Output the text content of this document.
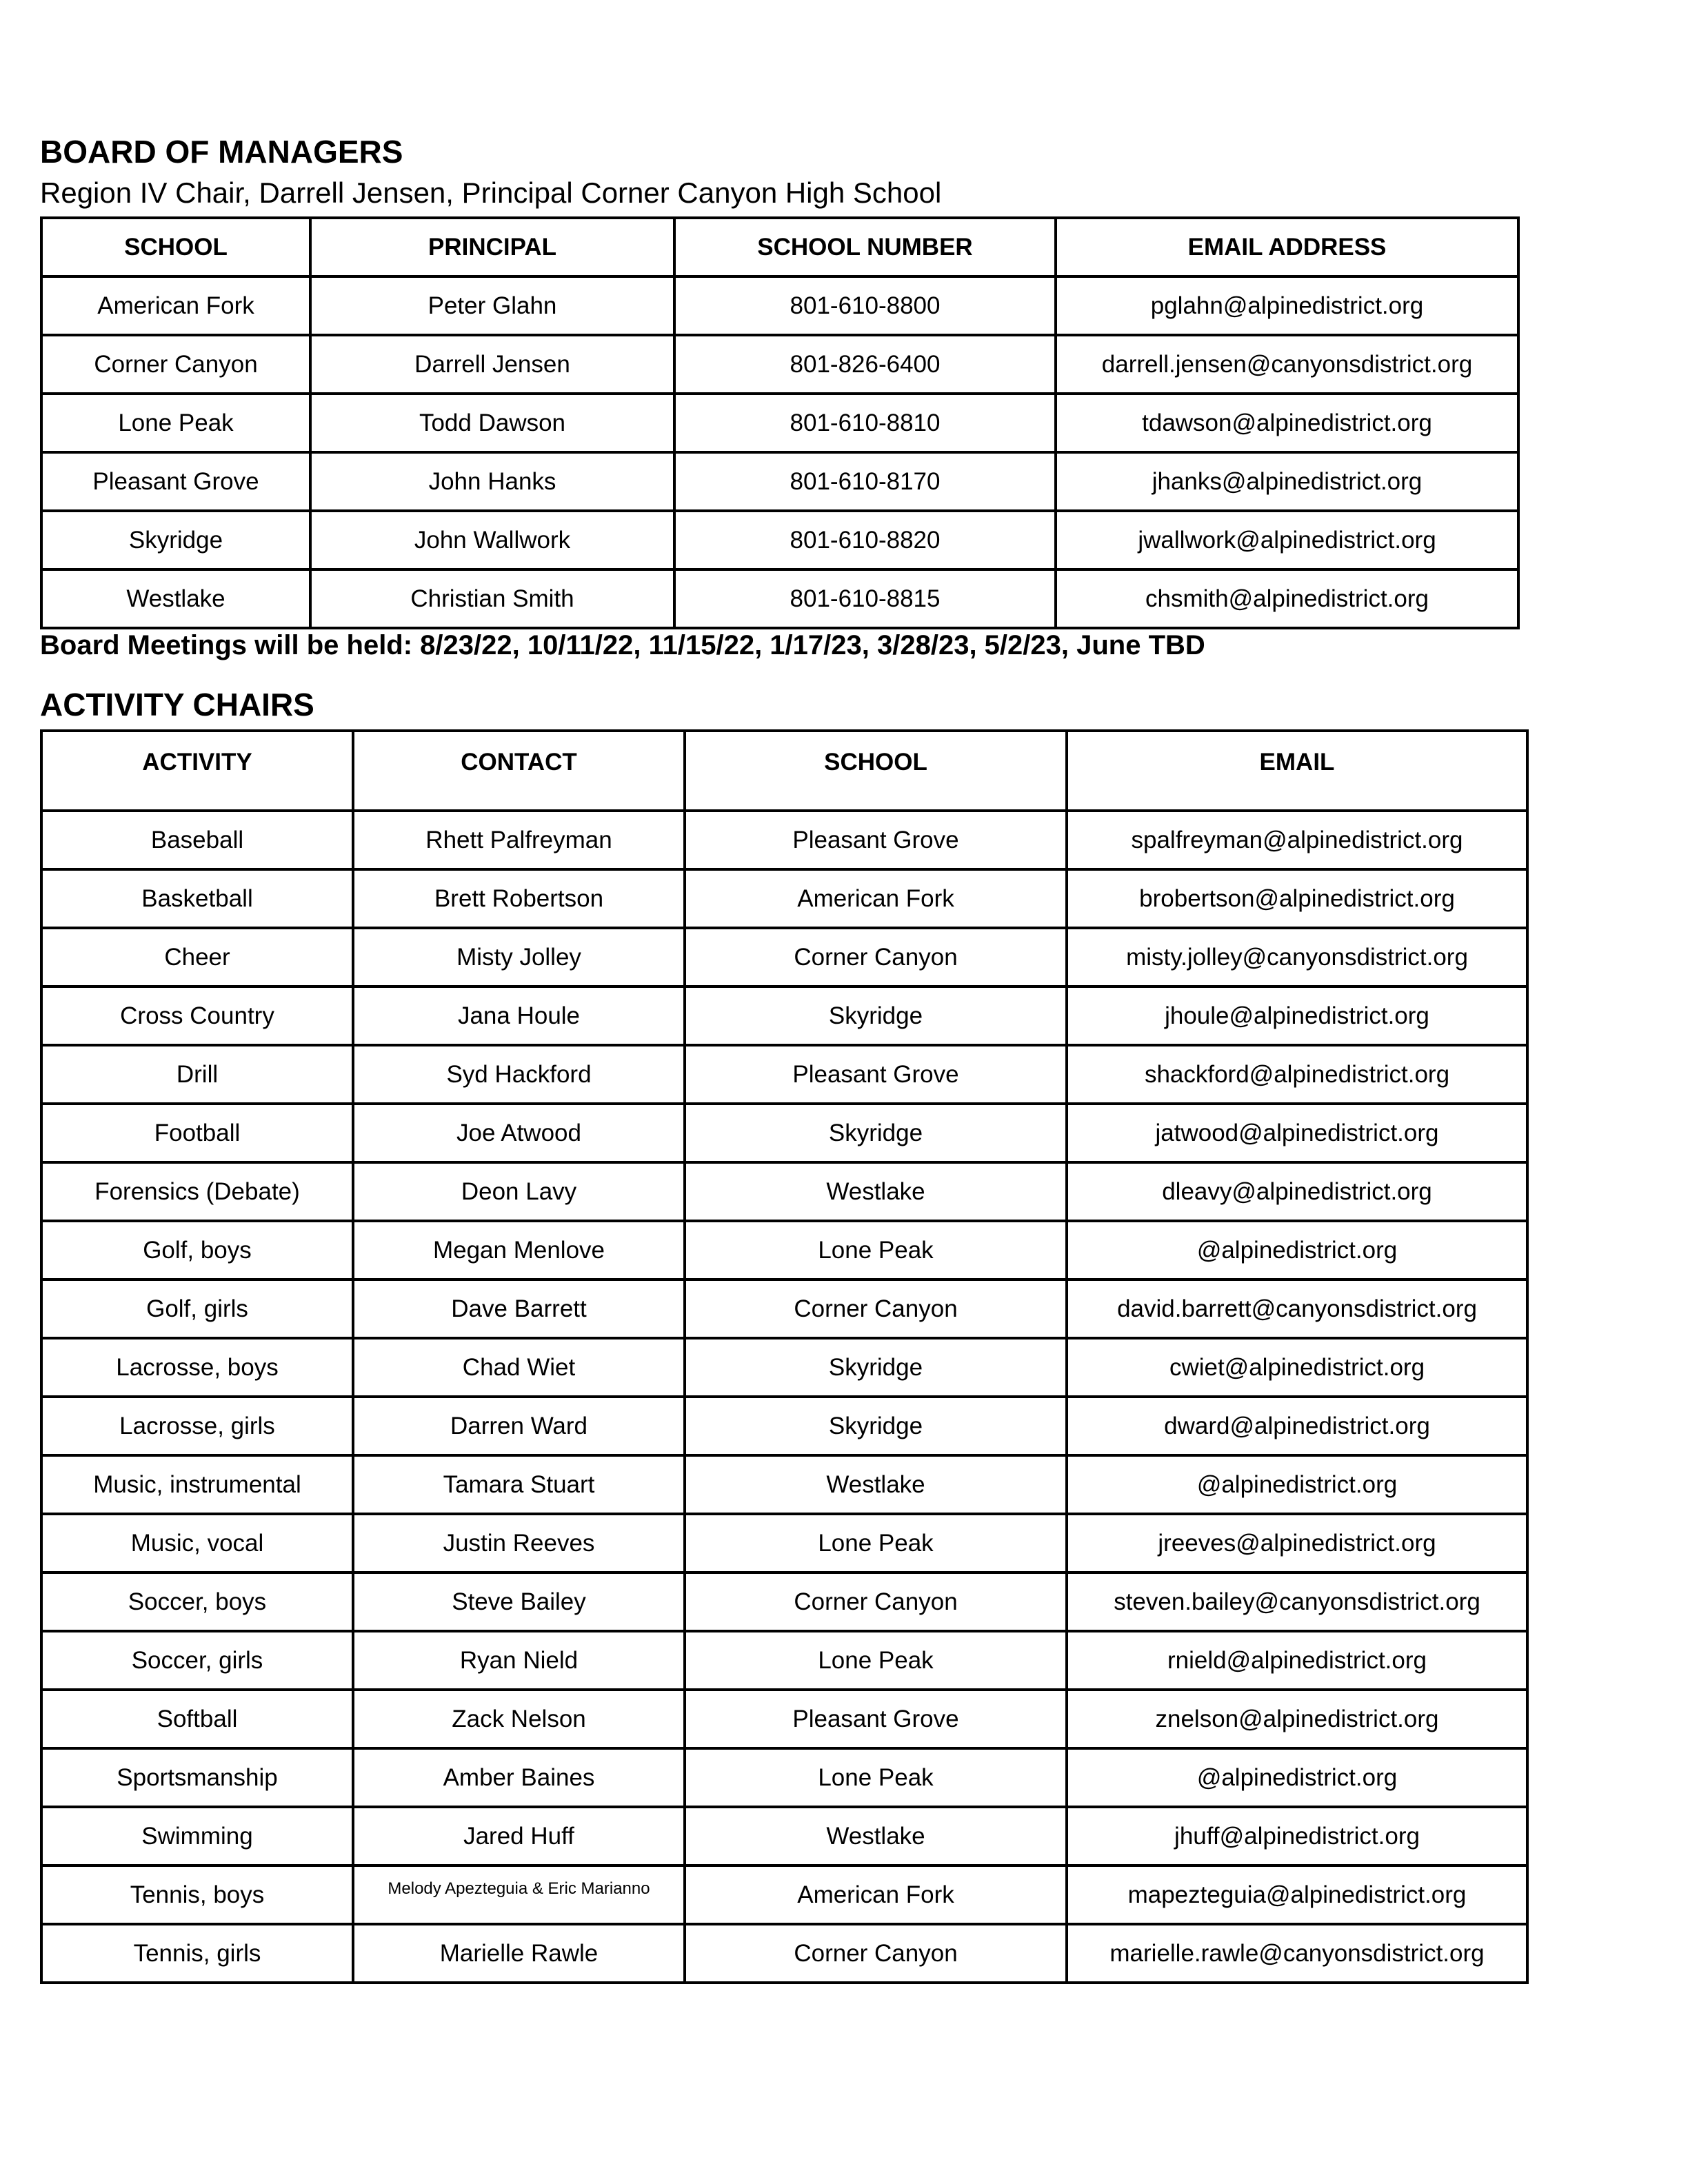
BOARD OF MANAGERS

Region IV Chair, Darrell Jensen, Principal Corner Canyon High School

SCHOOL	PRINCIPAL	SCHOOL NUMBER	EMAIL ADDRESS
American Fork	Peter Glahn	801-610-8800	pglahn@alpinedistrict.org
Corner Canyon	Darrell Jensen	801-826-6400	darrell.jensen@canyonsdistrict.org
Lone Peak	Todd Dawson	801-610-8810	tdawson@alpinedistrict.org
Pleasant Grove	John Hanks	801-610-8170	jhanks@alpinedistrict.org
Skyridge	John Wallwork	801-610-8820	jwallwork@alpinedistrict.org
Westlake	Christian Smith	801-610-8815	chsmith@alpinedistrict.org

Board Meetings will be held: 8/23/22, 10/11/22, 11/15/22, 1/17/23, 3/28/23, 5/2/23, June TBD

ACTIVITY CHAIRS
ACTIVITY	CONTACT	SCHOOL	EMAIL
Baseball	Rhett Palfreyman	Pleasant Grove	spalfreyman@alpinedistrict.org
Basketball	Brett Robertson	American Fork	brobertson@alpinedistrict.org
Cheer	Misty Jolley	Corner Canyon	misty.jolley@canyonsdistrict.org
Cross Country	Jana Houle	Skyridge	jhoule@alpinedistrict.org
Drill	Syd Hackford	Pleasant Grove	shackford@alpinedistrict.org
Football	Joe Atwood	Skyridge	jatwood@alpinedistrict.org
Forensics (Debate)	Deon Lavy	Westlake	dleavy@alpinedistrict.org
Golf, boys	Megan Menlove	Lone Peak	@alpinedistrict.org
Golf, girls	Dave Barrett	Corner Canyon	david.barrett@canyonsdistrict.org
Lacrosse, boys	Chad Wiet	Skyridge	cwiet@alpinedistrict.org
Lacrosse, girls	Darren Ward	Skyridge	dward@alpinedistrict.org
Music, instrumental	Tamara Stuart	Westlake	@alpinedistrict.org
Music, vocal	Justin Reeves	Lone Peak	jreeves@alpinedistrict.org
Soccer, boys	Steve Bailey	Corner Canyon	steven.bailey@canyonsdistrict.org
Soccer, girls	Ryan Nield	Lone Peak	rnield@alpinedistrict.org
Softball	Zack Nelson	Pleasant Grove	znelson@alpinedistrict.org
Sportsmanship	Amber Baines	Lone Peak	@alpinedistrict.org
Swimming	Jared Huff	Westlake	jhuff@alpinedistrict.org
Tennis, boys	Melody Apezteguia & Eric Marianno	American Fork	mapezteguia@alpinedistrict.org
Tennis, girls	Marielle Rawle	Corner Canyon	marielle.rawle@canyonsdistrict.org
